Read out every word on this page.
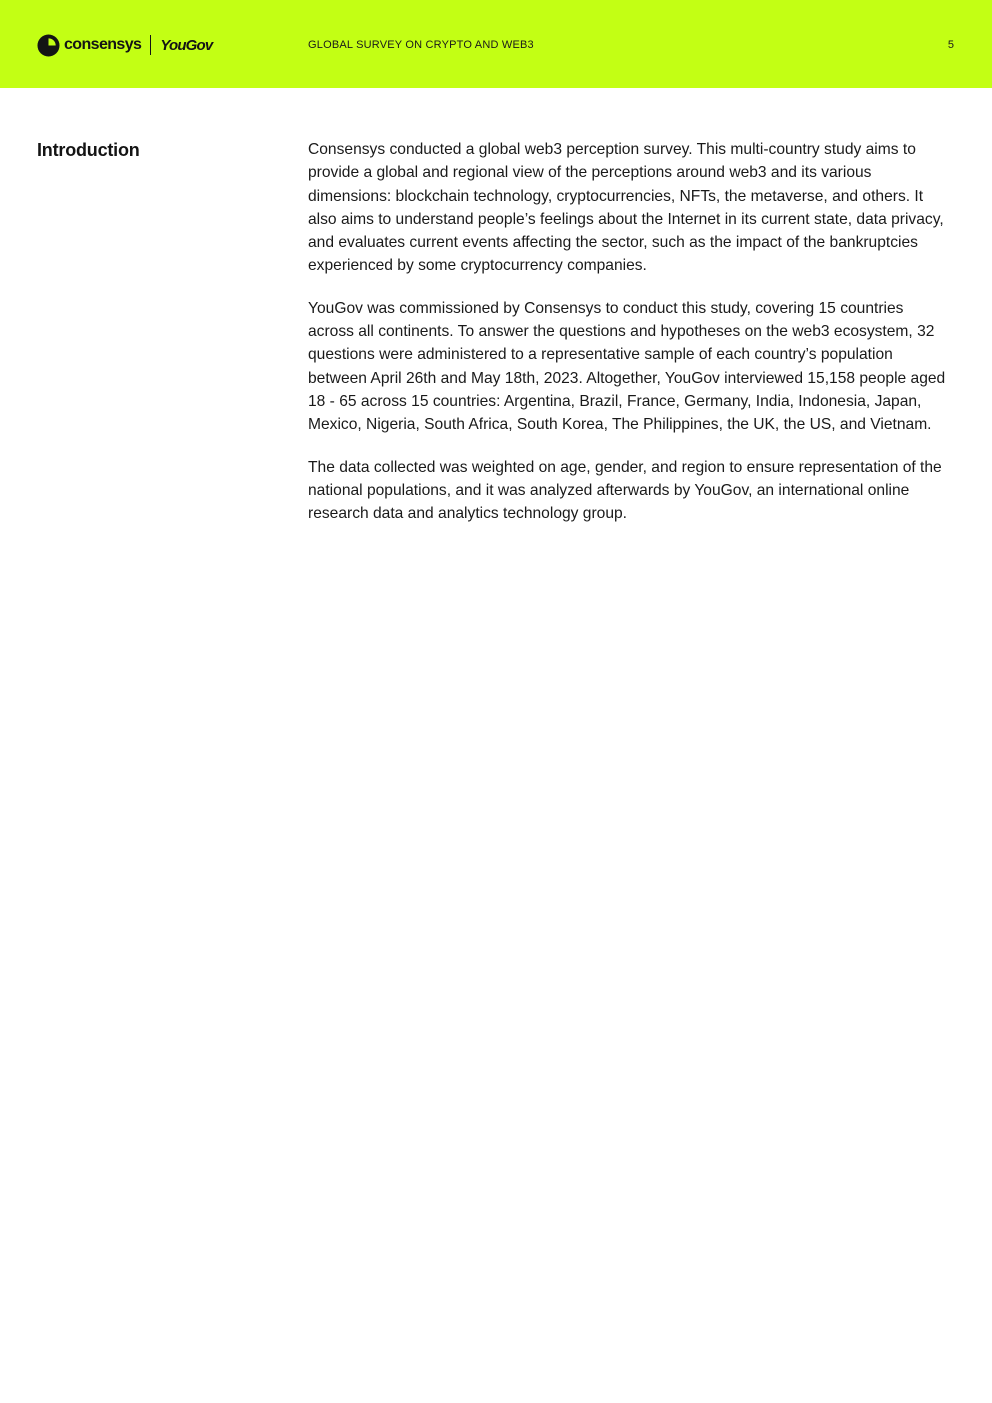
consensys YouGov	GLOBAL SURVEY ON CRYPTO AND WEB3	5
Introduction	Consensys conducted a global web3 perception survey. This multi-country study aims to provide a global and regional view of the perceptions around web3 and its various dimensions: blockchain technology, cryptocurrencies, NFTs, the metaverse, and others. It also aims to understand people’s feelings about the Internet in its current state, data privacy, and evaluates current events affecting the sector, such as the impact of the bankruptcies experienced by some cryptocurrency companies.

YouGov was commissioned by Consensys to conduct this study, covering 15 countries across all continents. To answer the questions and hypotheses on the web3 ecosystem, 32 questions were administered to a representative sample of each country’s population between April 26th and May 18th, 2023. Altogether, YouGov interviewed 15,158 people aged 18 - 65 across 15 countries: Argentina, Brazil, France, Germany, India, Indonesia, Japan, Mexico, Nigeria, South Africa, South Korea, The Philippines, the UK, the US, and Vietnam.

The data collected was weighted on age, gender, and region to ensure representation of the national populations, and it was analyzed afterwards by YouGov, an international online research data and analytics technology group.
